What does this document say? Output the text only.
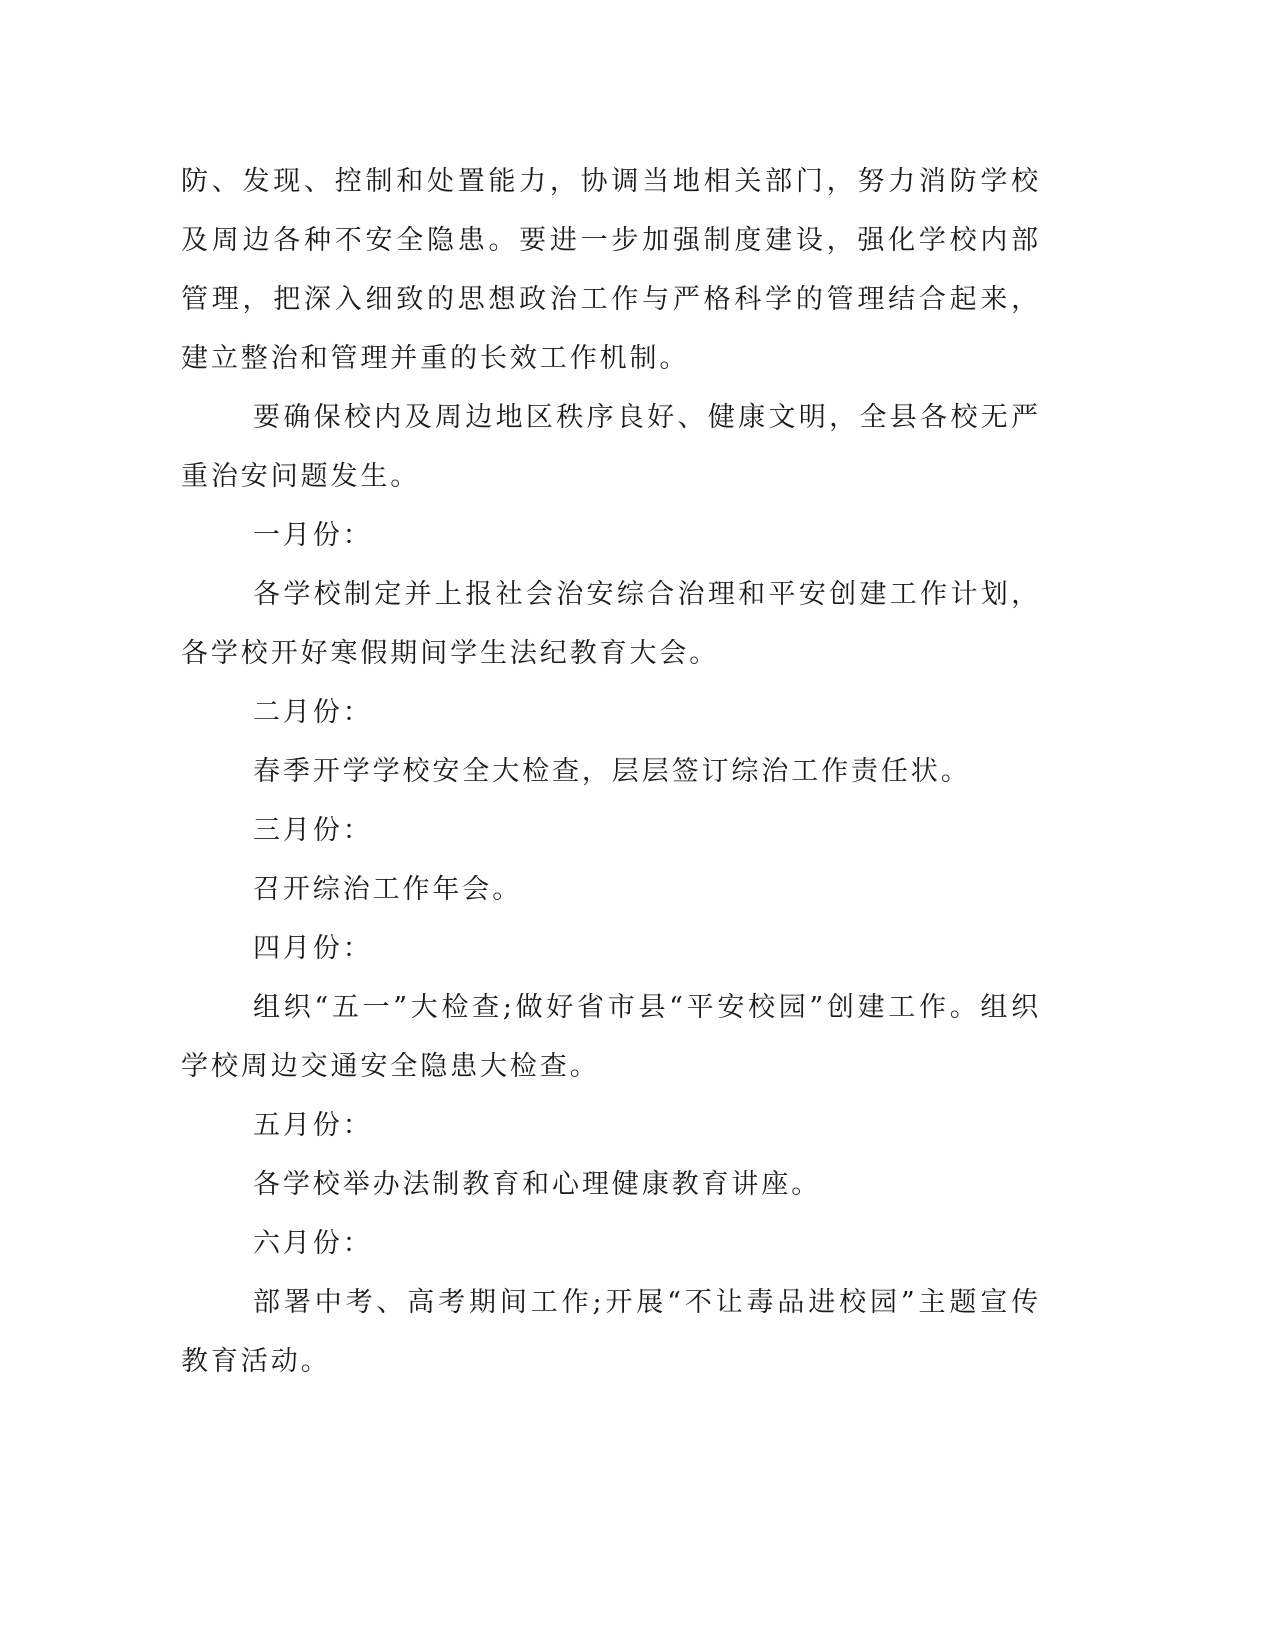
防、发现、控制和处置能力，协调当地相关部门，努力消防学校及周边各种不安全隐患。要进一步加强制度建设，强化学校内部管理，把深入细致的思想政治工作与严格科学的管理结合起来，建立整治和管理并重的长效工作机制。

要确保校内及周边地区秩序良好、健康文明，全县各校无严重治安问题发生。

一月份：

各学校制定并上报社会治安综合治理和平安创建工作计划，各学校开好寒假期间学生法纪教育大会。

二月份：

春季开学学校安全大检查，层层签订综治工作责任状。

三月份：

召开综治工作年会。

四月份：

组织“五一”大检查;做好省市县“平安校园”创建工作。组织学校周边交通安全隐患大检查。

五月份：

各学校举办法制教育和心理健康教育讲座。

六月份：

部署中考、高考期间工作;开展“不让毒品进校园”主题宣传教育活动。
